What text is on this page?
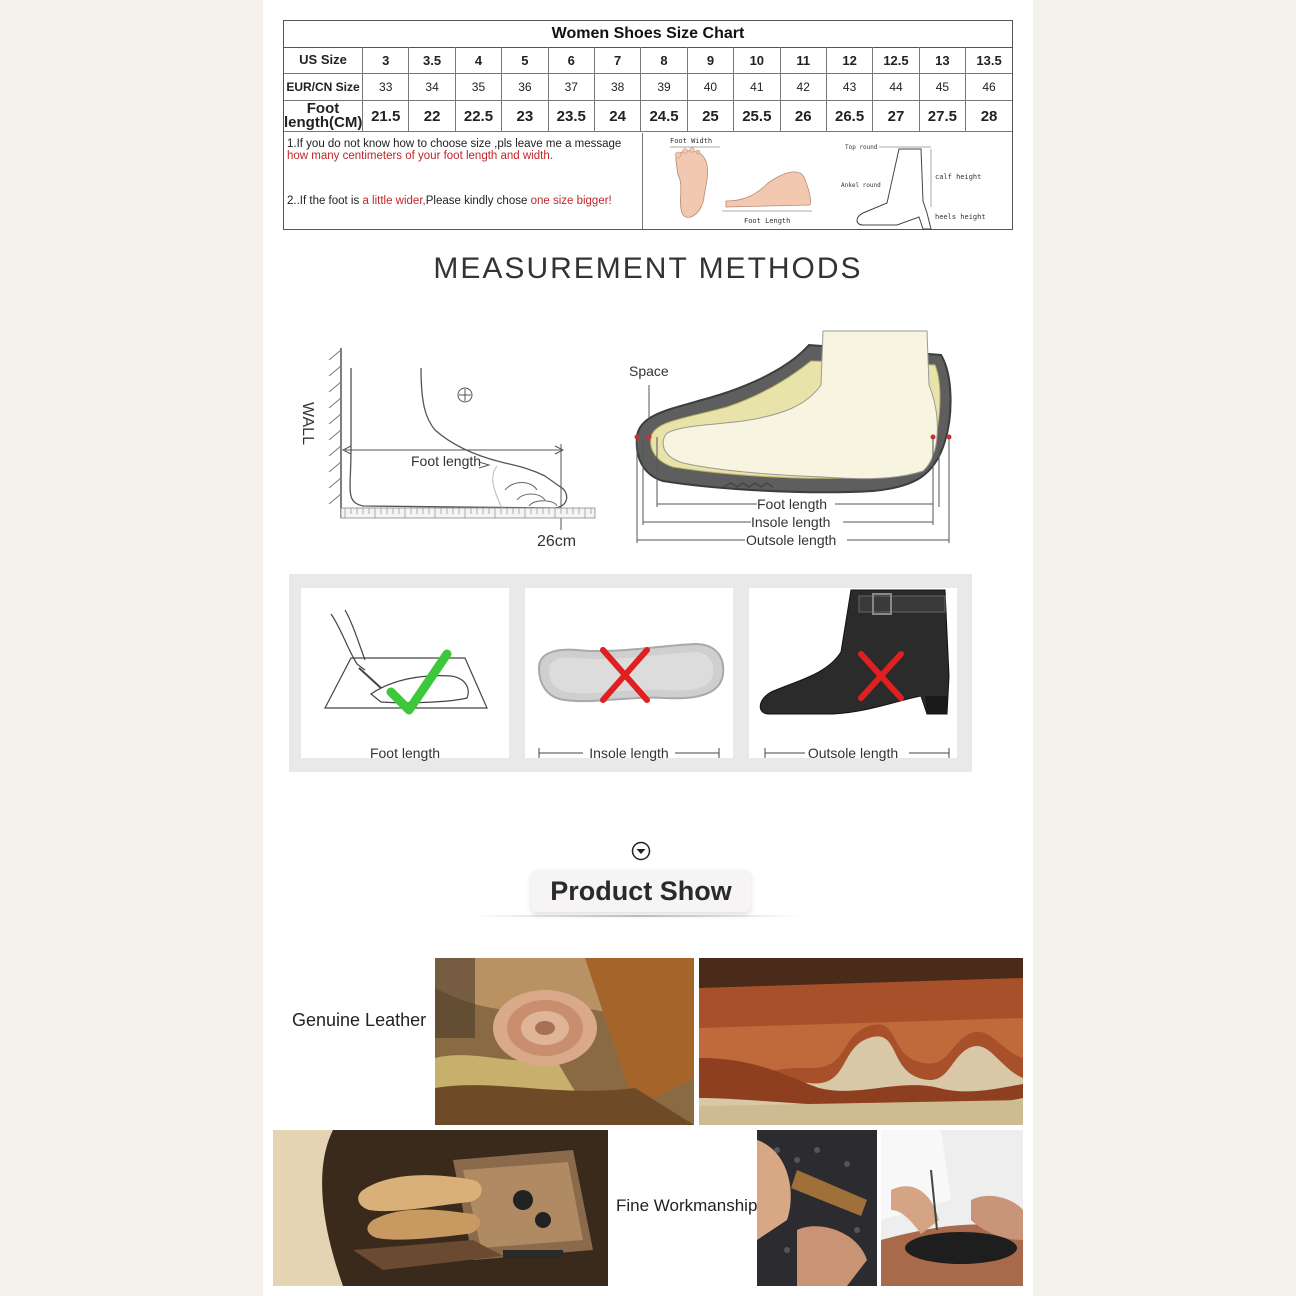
Women Shoes Size Chart
US Size	3	3.5	4	5	6	7	8	9	10	11	12	12.5	13	13.5
EUR/CN Size	33	34	35	36	37	38	39	40	41	42	43	44	45	46
Foot length(CM)	21.5	22	22.5	23	23.5	24	24.5	25	25.5	26	26.5	27	27.5	28
1.If you do not know how to choose size ,pls leave me a message
how many centimeters of your foot length and width.
2..If the foot is a little wider,Please kindly chose one size bigger!
Foot Width
Foot Length
Top round
Ankel round
calf height
heels height
MEASUREMENT METHODS
WALL
Foot length
26cm
Space
Foot length
Insole length
Outsole length
Foot length	Insole length	Outsole length
Product Show
Genuine Leather
Fine Workmanship
